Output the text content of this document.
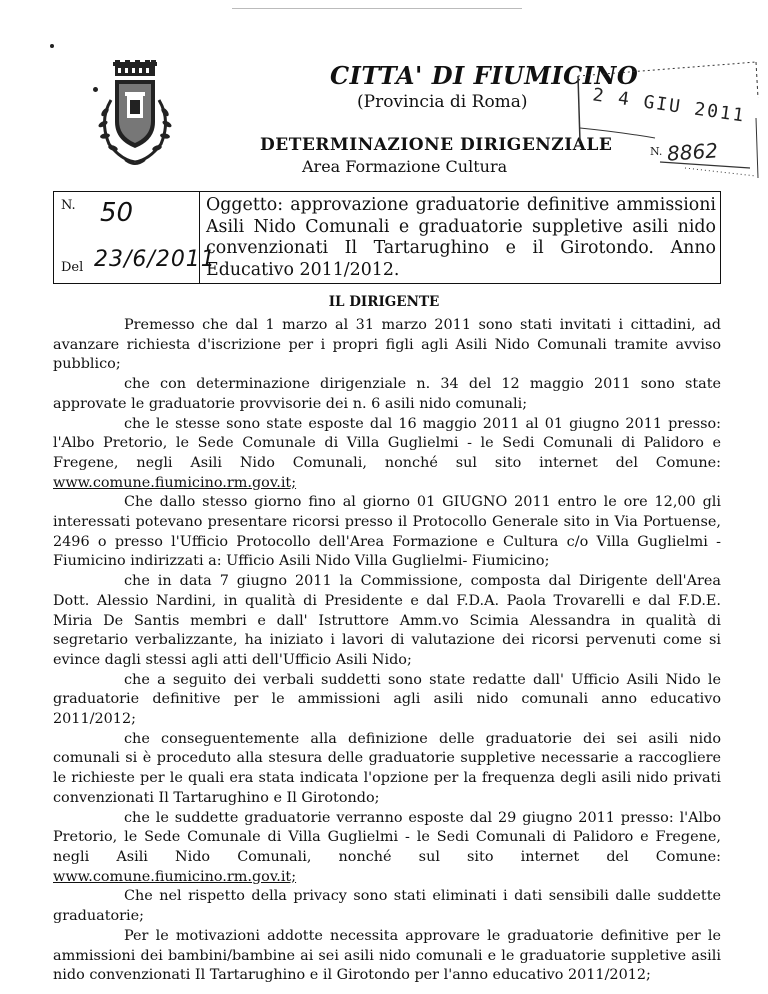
CITTA' DI FIUMICINO
(Provincia di Roma)
DETERMINAZIONE DIRIGENZIALE
Area Formazione Cultura
2 4 GIU 2011
N. 8862
N. 50
Del 23/6/2011
Oggetto: approvazione graduatorie definitive ammissioni Asili Nido Comunali e graduatorie suppletive asili nido convenzionati Il Tartarughino e il Girotondo. Anno Educativo 2011/2012.
IL DIRIGENTE

Premesso che dal 1 marzo al 31 marzo 2011 sono stati invitati i cittadini, ad avanzare richiesta d'iscrizione per i propri figli agli Asili Nido Comunali tramite avviso pubblico;

che con determinazione dirigenziale n. 34 del 12 maggio 2011 sono state approvate le graduatorie provvisorie dei n. 6 asili nido comunali;

che le stesse sono state esposte dal 16 maggio 2011 al 01 giugno 2011 presso: l'Albo Pretorio, le Sede Comunale di Villa Guglielmi - le Sedi Comunali di Palidoro e Fregene, negli Asili Nido Comunali, nonché sul sito internet del Comune: www.comune.fiumicino.rm.gov.it;

Che dallo stesso giorno fino al giorno 01 GIUGNO 2011 entro le ore 12,00 gli interessati potevano presentare ricorsi presso il Protocollo Generale sito in Via Portuense, 2496 o presso l'Ufficio Protocollo dell'Area Formazione e Cultura c/o Villa Guglielmi - Fiumicino indirizzati a: Ufficio Asili Nido Villa Guglielmi- Fiumicino;

che in data 7 giugno 2011 la Commissione, composta dal Dirigente dell'Area Dott. Alessio Nardini, in qualità di Presidente e dal F.D.A. Paola Trovarelli e dal F.D.E. Miria De Santis membri e dall' Istruttore Amm.vo Scimia Alessandra in qualità di segretario verbalizzante, ha iniziato i lavori di valutazione dei ricorsi pervenuti come si evince dagli stessi agli atti dell'Ufficio Asili Nido;

che a seguito dei verbali suddetti sono state redatte dall' Ufficio Asili Nido le graduatorie definitive per le ammissioni agli asili nido comunali anno educativo 2011/2012;

che conseguentemente alla definizione delle graduatorie dei sei asili nido comunali si è proceduto alla stesura delle graduatorie suppletive necessarie a raccogliere le richieste per le quali era stata indicata l'opzione per la frequenza degli asili nido privati convenzionati Il Tartarughino e Il Girotondo;

che le suddette graduatorie verranno esposte dal 29 giugno 2011 presso: l'Albo Pretorio, le Sede Comunale di Villa Guglielmi - le Sedi Comunali di Palidoro e Fregene, negli Asili Nido Comunali, nonché sul sito internet del Comune: www.comune.fiumicino.rm.gov.it;

Che nel rispetto della privacy sono stati eliminati i dati sensibili dalle suddette graduatorie;

Per le motivazioni addotte necessita approvare le graduatorie definitive per le ammissioni dei bambini/bambine ai sei asili nido comunali e le graduatorie suppletive asili nido convenzionati Il Tartarughino e il Girotondo per l'anno educativo 2011/2012;
